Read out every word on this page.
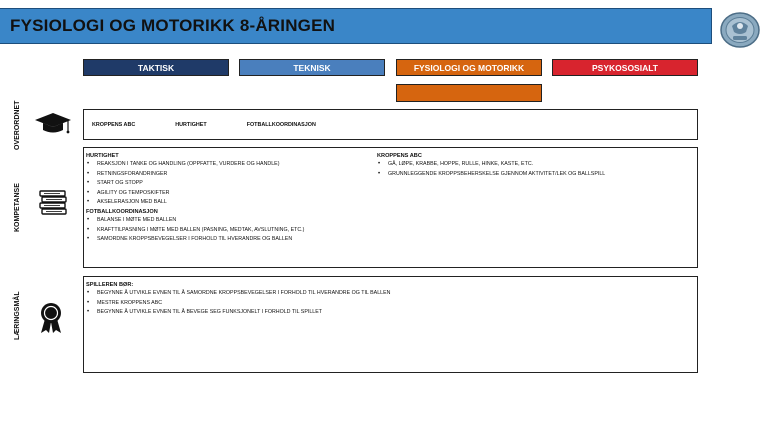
FYSIOLOGI OG MOTORIKK 8-ÅRINGEN
TAKTISK	TEKNISK	FYSIOLOGI OG MOTORIKK	PSYKOSOSIALT
OVERORDNET	KROPPENS ABC	HURTIGHET	FOTBALLKOORDINASJON
KOMPETANSE
HURTIGHET
• REAKSJON I TANKE OG HANDLING (OPPFATTE, VURDERE OG HANDLE)
• RETNINGSFORANDRINGER
• START OG STOPP
• AGILITY OG TEMPOSKIFTER
• AKSELERASJON MED BALL
FOTBALLKOORDINASJON
• BALANSE I MØTE MED BALLEN
• KRAFTTILPASNING I MØTE MED BALLEN (PASNING, MEDTAK, AVSLUTNING, ETC.)
• SAMORDNE KROPPSBEVEGELSER I FORHOLD TIL HVERANDRE OG BALLEN
KROPPENS ABC
• GÅ, LØPE, KRABBE, HOPPE, RULLE, HINKE, KASTE, ETC.
• GRUNNLEGGENDE KROPPSBEHERSKELSE GJENNOM AKTIVITET/LEK OG BALLSPILL
LÆRINGSMÅL
SPILLEREN BØR:
• BEGYNNE Å UTVIKLE EVNEN TIL Å SAMORDNE KROPPSBEVEGELSER I FORHOLD TIL HVERANDRE OG TIL BALLEN
• MESTRE KROPPENS ABC
• BEGYNNE Å UTVIKLE EVNEN TIL Å BEVEGE SEG FUNKSJONELT I FORHOLD TIL SPILLET
